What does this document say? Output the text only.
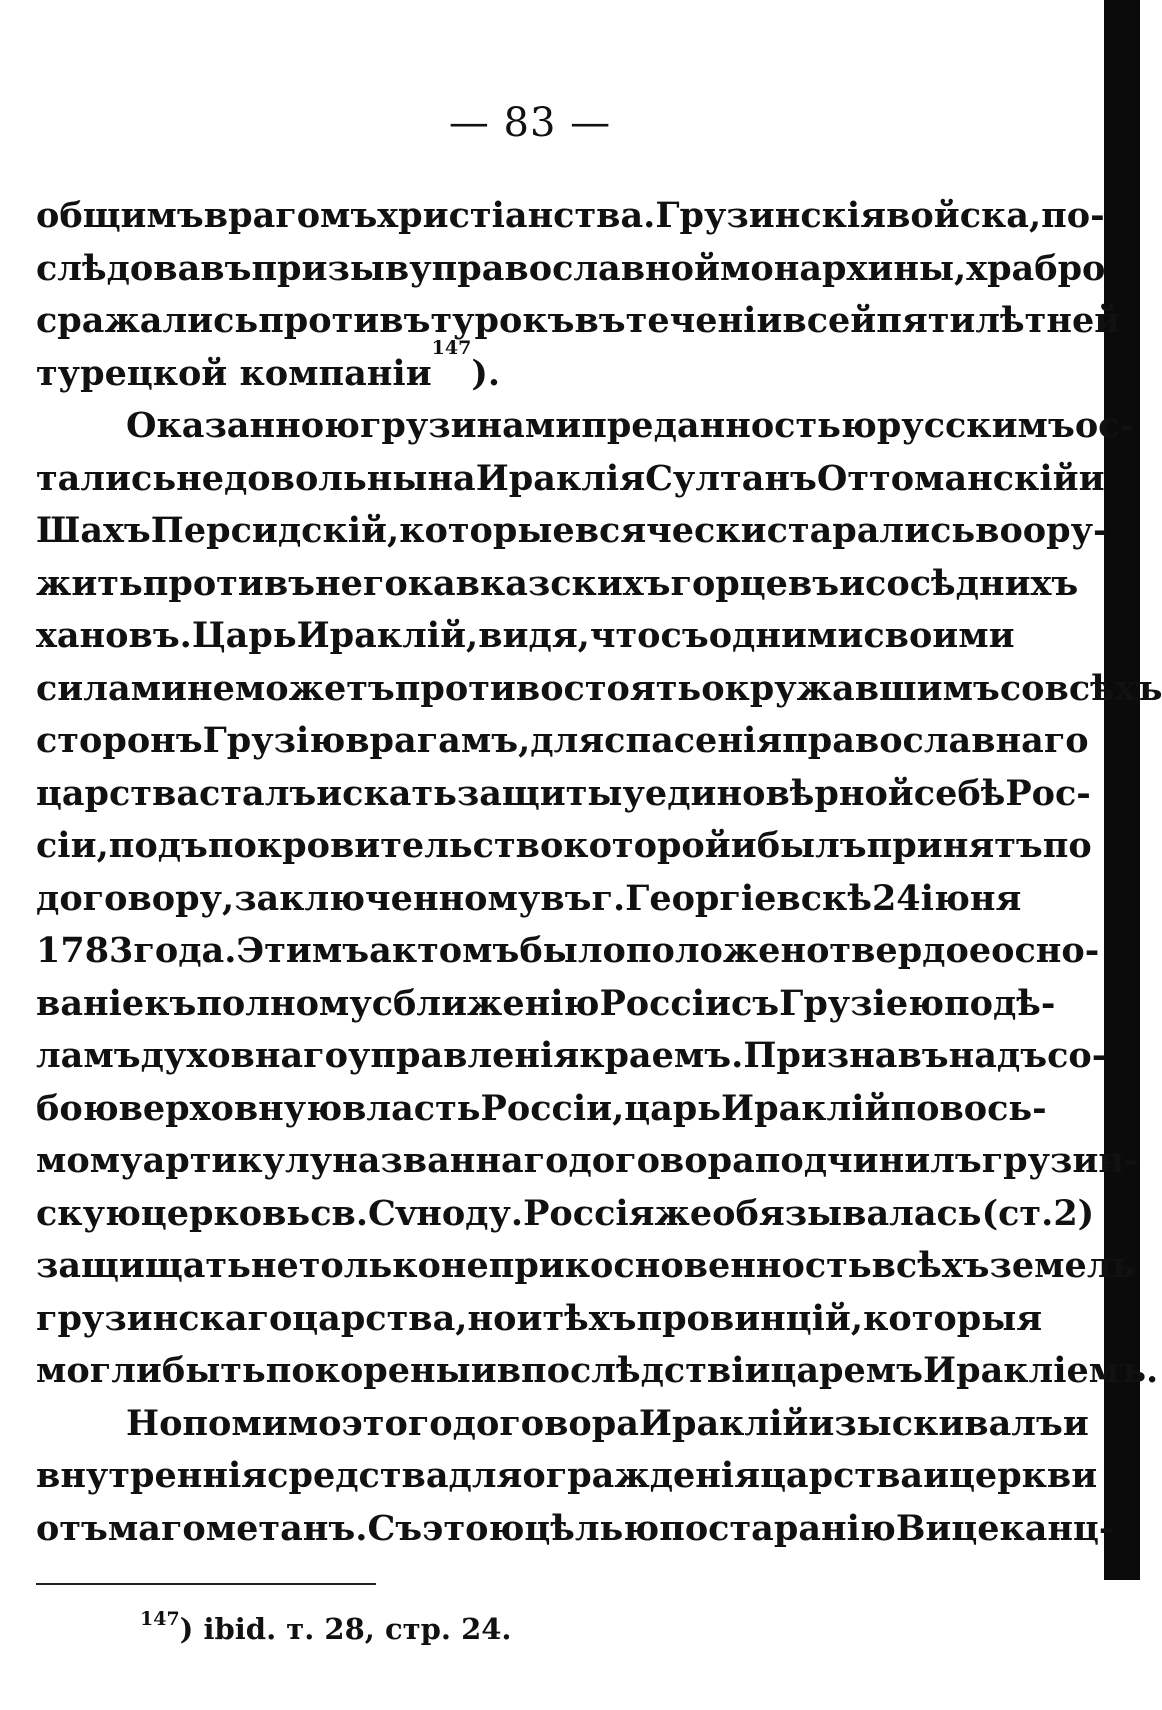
— 83 —
общимъ врагомъ христіанства. Грузинскія войска, по-
слѣдовавъ призыву православной монархины, храбро
сражались противъ турокъ въ теченіи всей пятилѣтней
турецкой компаніи
147
).
Оказанною грузинами преданностью русскимъ ос-
тались недовольны на Ираклія Султанъ Оттоманскій и
Шахъ Персидскій, которые всячески старались воору-
жить противъ него кавказскихъ горцевъ и сосѣднихъ
хановъ. Царь Ираклій, видя, что съ одними своими
силами не можетъ противостоять окружавшимъ со всѣхъ
сторонъ Грузію врагамъ, для спасенія православнаго
царства сталъ искать защиты у единовѣрной себѣ Рос-
сіи, подъ покровительство которой и былъ принятъ по
договору, заключенному въ г. Георгіевскѣ 24 іюня
1783 года. Этимъ актомъ было положено твердое осно-
ваніе къ полному сближенію Россіи съ Грузіею по дѣ-
ламъ духовнаго управленія краемъ. Признавъ надъ со-
бою верховную власть Россіи, царь Ираклій по вось-
мому артикулу названнаго договора подчинилъ грузин-
скую церковь св. Сvноду. Россія же обязывалась (ст. 2)
защищать не только неприкосновенность всѣхъ земель
грузинскаго царства, но и тѣхъ провинцій, которыя
могли быть покорены и впослѣдствіи царемъ Иракліемъ.
Но помимо этого договора Ираклій изыскивалъ и
внутреннія средства для огражденія царства и церкви
отъ магометанъ. Съ этою цѣлью по старанію Вицеканц-
$^{147}$) ibid. т. 28, стр. 24.
